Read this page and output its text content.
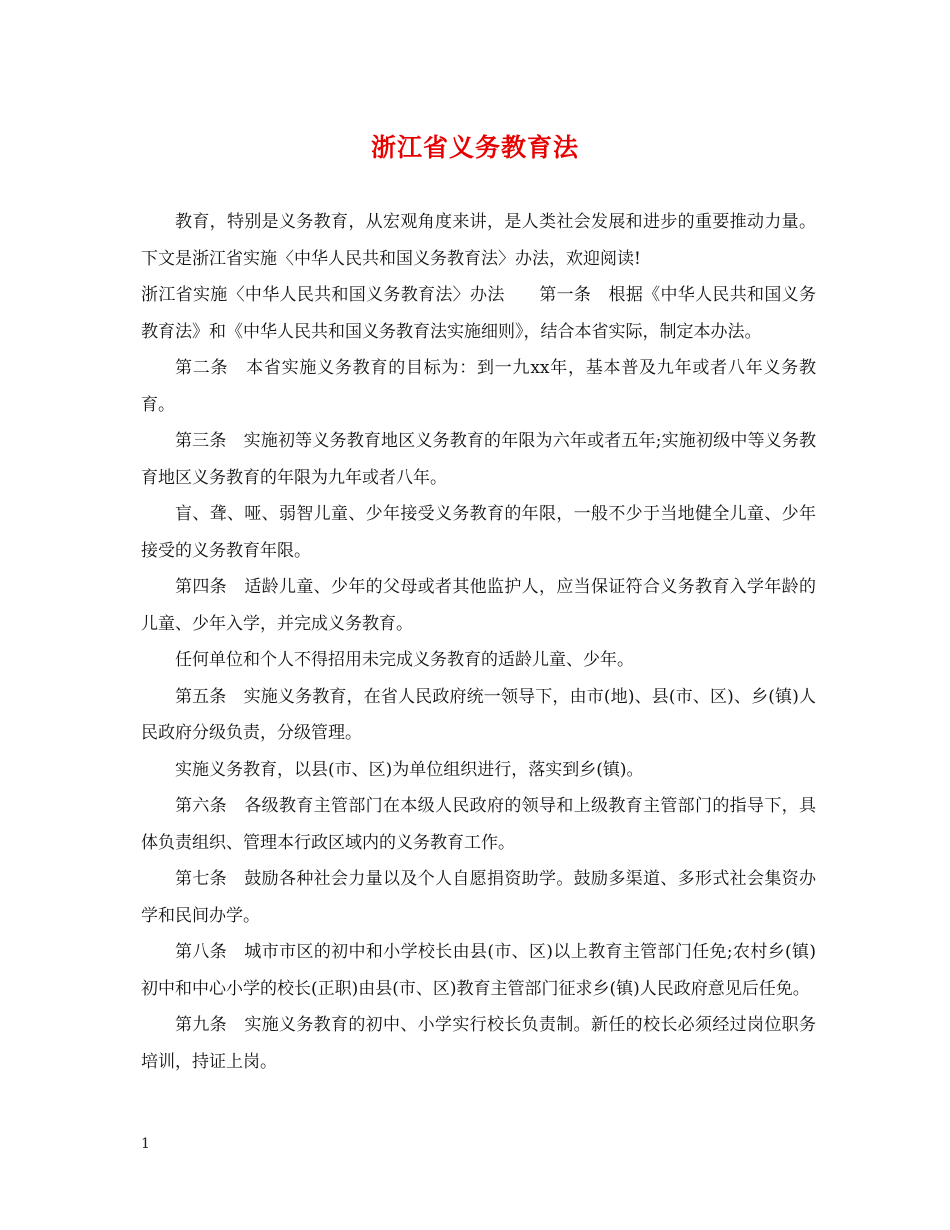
浙江省义务教育法

教育，特别是义务教育，从宏观角度来讲，是人类社会发展和进步的重要推动力量。下文是浙江省实施〈中华人民共和国义务教育法〉办法，欢迎阅读!

浙江省实施〈中华人民共和国义务教育法〉办法　　第一条　根据《中华人民共和国义务教育法》和《中华人民共和国义务教育法实施细则》，结合本省实际，制定本办法。

第二条　本省实施义务教育的目标为：到一九xx年，基本普及九年或者八年义务教育。

第三条　实施初等义务教育地区义务教育的年限为六年或者五年;实施初级中等义务教育地区义务教育的年限为九年或者八年。

盲、聋、哑、弱智儿童、少年接受义务教育的年限，一般不少于当地健全儿童、少年接受的义务教育年限。

第四条　适龄儿童、少年的父母或者其他监护人，应当保证符合义务教育入学年龄的儿童、少年入学，并完成义务教育。

任何单位和个人不得招用未完成义务教育的适龄儿童、少年。

第五条　实施义务教育，在省人民政府统一领导下，由市(地)、县(市、区)、乡(镇)人民政府分级负责，分级管理。

实施义务教育，以县(市、区)为单位组织进行，落实到乡(镇)。

第六条　各级教育主管部门在本级人民政府的领导和上级教育主管部门的指导下，具体负责组织、管理本行政区域内的义务教育工作。

第七条　鼓励各种社会力量以及个人自愿捐资助学。鼓励多渠道、多形式社会集资办学和民间办学。

第八条　城市市区的初中和小学校长由县(市、区)以上教育主管部门任免;农村乡(镇)初中和中心小学的校长(正职)由县(市、区)教育主管部门征求乡(镇)人民政府意见后任免。

第九条　实施义务教育的初中、小学实行校长负责制。新任的校长必须经过岗位职务培训，持证上岗。

1
